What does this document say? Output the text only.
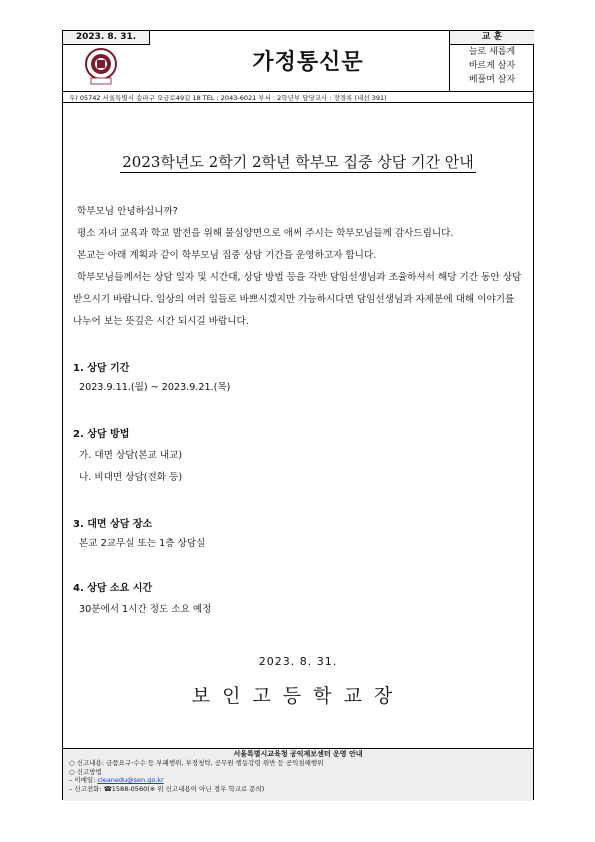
2023. 8. 31.
가정통신문
교 훈
늘로 새롭게
바르게 살자
베풀며 살자
우) 05742 서울특별시 송파구 오금로49길 18 TEL : 2043-6021 부서 : 2학년부 담당교사 : 장경록 (내선 391)
2023학년도 2학기 2학년 학부모 집중 상담 기간 안내
학부모님 안녕하십니까?
평소 자녀 교육과 학교 발전을 위해 물심양면으로 애써 주시는 학부모님들께 감사드립니다.
본교는 아래 계획과 같이 학부모님 집중 상담 기간을 운영하고자 합니다.
학부모님들께서는 상담 일자 및 시간대, 상담 방법 등을 각반 담임선생님과 조율하셔서 해당 기간 동안 상담 받으시기 바랍니다. 일상의 여러 일들로 바쁘시겠지만 가능하시다면 담임선생님과 자제분에 대해 이야기를 나누어 보는 뜻깊은 시간 되시길 바랍니다.
1. 상담 기간
2023.9.11.(월) ~ 2023.9.21.(목)
2. 상담 방법
가. 대면 상담(본교 내교)
나. 비대면 상담(전화 등)
3. 대면 상담 장소
본교 2교무실 또는 1층 상담실
4. 상담 소요 시간
30분에서 1시간 정도 소요 예정
2023. 8. 31.
보인고등학교장
서울특별시교육청 공익제보센터 운영 안내
○ 신고내용: 금품요구·수수 등 부패행위, 부정청탁, 공무원 행동강령 위반 등 공익침해행위
○ 신고방법
– 이메일: cleanedu@sen.go.kr
– 신고전화: ☎1588-0560(※ 위 신고내용이 아닌 경우 학교로 문의)
